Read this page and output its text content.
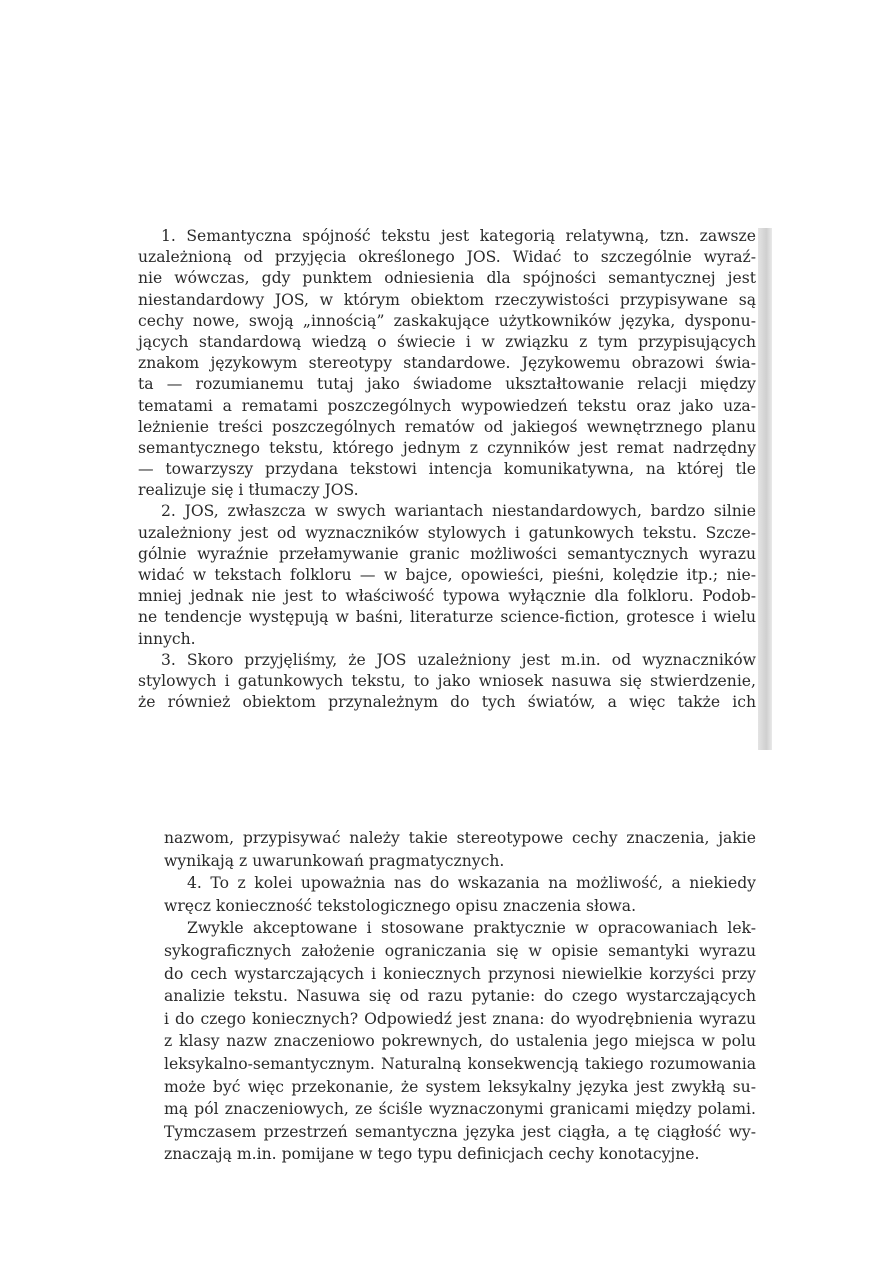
1. Semantyczna spójność tekstu jest kategorią relatywną, tzn. zawsze
uzależnioną od przyjęcia określonego JOS. Widać to szczególnie wyraź-
nie wówczas, gdy punktem odniesienia dla spójności semantycznej jest
niestandardowy JOS, w którym obiektom rzeczywistości przypisywane są
cechy nowe, swoją „innością” zaskakujące użytkowników języka, dysponu-
jących standardową wiedzą o świecie i w związku z tym przypisujących
znakom językowym stereotypy standardowe. Językowemu obrazowi świa-
ta — rozumianemu tutaj jako świadome ukształtowanie relacji między
tematami a rematami poszczególnych wypowiedzeń tekstu oraz jako uza-
leżnienie treści poszczególnych rematów od jakiegoś wewnętrznego planu
semantycznego tekstu, którego jednym z czynników jest remat nadrzędny
— towarzyszy przydana tekstowi intencja komunikatywna, na której tle
realizuje się i tłumaczy JOS.
2. JOS, zwłaszcza w swych wariantach niestandardowych, bardzo silnie
uzależniony jest od wyznaczników stylowych i gatunkowych tekstu. Szcze-
gólnie wyraźnie przełamywanie granic możliwości semantycznych wyrazu
widać w tekstach folkloru — w bajce, opowieści, pieśni, kolędzie itp.; nie-
mniej jednak nie jest to właściwość typowa wyłącznie dla folkloru. Podob-
ne tendencje występują w baśni, literaturze science-fiction, grotesce i wielu
innych.
3. Skoro przyjęliśmy, że JOS uzależniony jest m.in. od wyznaczników
stylowych i gatunkowych tekstu, to jako wniosek nasuwa się stwierdzenie,
że również obiektom przynależnym do tych światów, a więc także ich
nazwom, przypisywać należy takie stereotypowe cechy znaczenia, jakie
wynikają z uwarunkowań pragmatycznych.
4. To z kolei upoważnia nas do wskazania na możliwość, a niekiedy
wręcz konieczność tekstologicznego opisu znaczenia słowa.
Zwykle akceptowane i stosowane praktycznie w opracowaniach lek-
sykograficznych założenie ograniczania się w opisie semantyki wyrazu
do cech wystarczających i koniecznych przynosi niewielkie korzyści przy
analizie tekstu. Nasuwa się od razu pytanie: do czego wystarczających
i do czego koniecznych? Odpowiedź jest znana: do wyodrębnienia wyrazu
z klasy nazw znaczeniowo pokrewnych, do ustalenia jego miejsca w polu
leksykalno-semantycznym. Naturalną konsekwencją takiego rozumowania
może być więc przekonanie, że system leksykalny języka jest zwykłą su-
mą pól znaczeniowych, ze ściśle wyznaczonymi granicami między polami.
Tymczasem przestrzeń semantyczna języka jest ciągła, a tę ciągłość wy-
znaczają m.in. pomijane w tego typu definicjach cechy konotacyjne.
